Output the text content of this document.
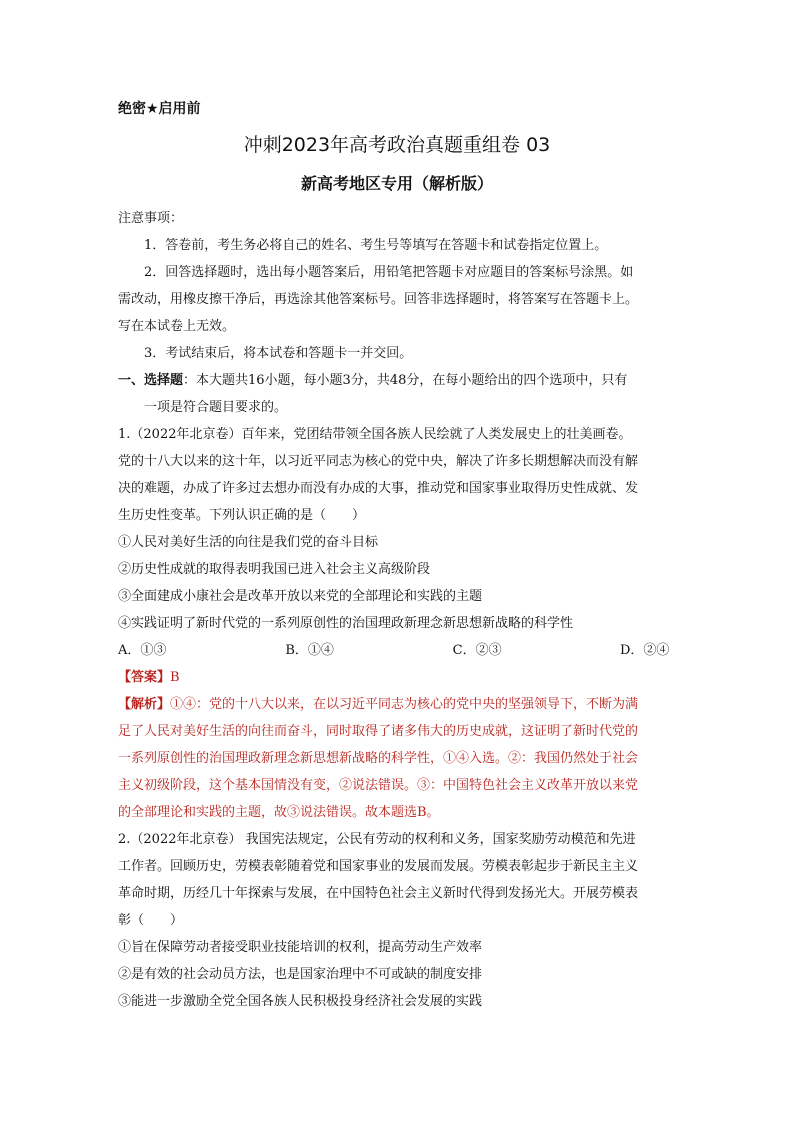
绝密★启用前
冲刺2023年高考政治真题重组卷 03
新高考地区专用（解析版）

注意事项：

1．答卷前，考生务必将自己的姓名、考生号等填写在答题卡和试卷指定位置上。

2．回答选择题时，选出每小题答案后，用铅笔把答题卡对应题目的答案标号涂黑。如

需改动，用橡皮擦干净后，再选涂其他答案标号。回答非选择题时，将答案写在答题卡上。

写在本试卷上无效。

3．考试结束后，将本试卷和答题卡一并交回。

一、选择题：本大题共16小题，每小题3分，共48分，在每小题给出的四个选项中，只有

一项是符合题目要求的。

1.（2022年北京卷）百年来，党团结带领全国各族人民绘就了人类发展史上的壮美画卷。

党的十八大以来的这十年，以习近平同志为核心的党中央，解决了许多长期想解决而没有解

决的难题，办成了许多过去想办而没有办成的大事，推动党和国家事业取得历史性成就、发

生历史性变革。下列认识正确的是（　　）

①人民对美好生活的向往是我们党的奋斗目标

②历史性成就的取得表明我国已进入社会主义高级阶段

③全面建成小康社会是改革开放以来党的全部理论和实践的主题

④实践证明了新时代党的一系列原创性的治国理政新理念新思想新战略的科学性

A．①③	B．①④	C．②③	D．②④

【答案】B

【解析】①④：党的十八大以来，在以习近平同志为核心的党中央的坚强领导下，不断为满

足了人民对美好生活的向往而奋斗，同时取得了诸多伟大的历史成就，这证明了新时代党的

一系列原创性的治国理政新理念新思想新战略的科学性，①④入选。②：我国仍然处于社会

主义初级阶段，这个基本国情没有变，②说法错误。③：中国特色社会主义改革开放以来党

的全部理论和实践的主题，故③说法错误。故本题选B。

2.（2022年北京卷） 我国宪法规定，公民有劳动的权利和义务，国家奖励劳动模范和先进

工作者。回顾历史，劳模表彰随着党和国家事业的发展而发展。劳模表彰起步于新民主主义

革命时期，历经几十年探索与发展，在中国特色社会主义新时代得到发扬光大。开展劳模表

彰（　　）

①旨在保障劳动者接受职业技能培训的权利，提高劳动生产效率

②是有效的社会动员方法，也是国家治理中不可或缺的制度安排

③能进一步激励全党全国各族人民积极投身经济社会发展的实践
